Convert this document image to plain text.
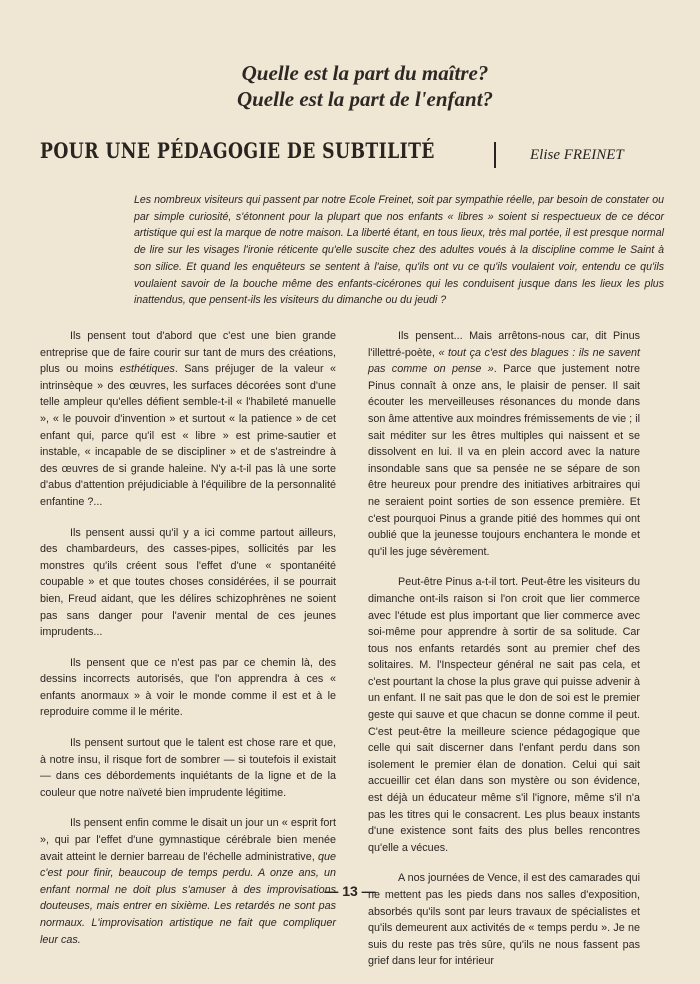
Quelle est la part du maître?
Quelle est la part de l'enfant?
POUR UNE PÉDAGOGIE DE SUBTILITÉ	Elise FREINET
Les nombreux visiteurs qui passent par notre Ecole Freinet, soit par sympathie réelle, par besoin de constater ou par simple curiosité, s'étonnent pour la plupart que nos enfants « libres » soient si respectueux de ce décor artistique qui est la marque de notre maison. La liberté étant, en tous lieux, très mal portée, il est presque normal de lire sur les visages l'ironie réticente qu'elle suscite chez des adultes voués à la discipline comme le Saint à son silice. Et quand les enquêteurs se sentent à l'aise, qu'ils ont vu ce qu'ils voulaient voir, entendu ce qu'ils voulaient savoir de la bouche même des enfants-cicérones qui les conduisent jusque dans les lieux les plus inattendus, que pensent-ils les visiteurs du dimanche ou du jeudi ?

Ils pensent tout d'abord que c'est une bien grande entreprise que de faire courir sur tant de murs des créations, plus ou moins esthétiques. Sans préjuger de la valeur « intrinsèque » des œuvres, les surfaces décorées sont d'une telle ampleur qu'elles défient semble-t-il « l'habileté manuelle », « le pouvoir d'invention » et surtout « la patience » de cet enfant qui, parce qu'il est « libre » est prime-sautier et instable, « incapable de se discipliner » et de s'astreindre à des œuvres de si grande haleine. N'y a-t-il pas là une sorte d'abus d'attention préjudiciable à l'équilibre de la personnalité enfantine ?...

Ils pensent aussi qu'il y a ici comme partout ailleurs, des chambardeurs, des casses-pipes, sollicités par les monstres qu'ils créent sous l'effet d'une « spontanéité coupable » et que toutes choses considérées, il se pourrait bien, Freud aidant, que les délires schizophrènes ne soient pas sans danger pour l'avenir mental de ces jeunes imprudents...

Ils pensent que ce n'est pas par ce chemin là, des dessins incorrects autorisés, que l'on apprendra à ces « enfants anormaux » à voir le monde comme il est et à le reproduire comme il le mérite.

Ils pensent surtout que le talent est chose rare et que, à notre insu, il risque fort de sombrer — si toutefois il existait — dans ces débordements inquiétants de la ligne et de la couleur que notre naïveté bien imprudente légitime.

Ils pensent enfin comme le disait un jour un « esprit fort », qui par l'effet d'une gymnastique cérébrale bien menée avait atteint le dernier barreau de l'échelle administrative, que c'est pour finir, beaucoup de temps perdu. A onze ans, un enfant normal ne doit plus s'amuser à des improvisations douteuses, mais entrer en sixième. Les retardés ne sont pas normaux. L'improvisation artistique ne fait que compliquer leur cas.

Ils pensent... Mais arrêtons-nous car, dit Pinus l'illettré-poète, « tout ça c'est des blagues : ils ne savent pas comme on pense ». Parce que justement notre Pinus connaît à onze ans, le plaisir de penser. Il sait écouter les merveilleuses résonances du monde dans son âme attentive aux moindres frémissements de vie ; il sait méditer sur les êtres multiples qui naissent et se dissolvent en lui. Il va en plein accord avec la nature insondable sans que sa pensée ne se sépare de son être heureux pour prendre des initiatives arbitraires qui ne seraient point sorties de son essence première. Et c'est pourquoi Pinus a grande pitié des hommes qui ont oublié que la jeunesse toujours enchantera le monde et qu'il les juge sévèrement.

Peut-être Pinus a-t-il tort. Peut-être les visiteurs du dimanche ont-ils raison si l'on croit que lier commerce avec l'étude est plus important que lier commerce avec soi-même pour apprendre à sortir de sa solitude. Car tous nos enfants retardés sont au premier chef des solitaires. M. l'Inspecteur général ne sait pas cela, et c'est pourtant la chose la plus grave qui puisse advenir à un enfant. Il ne sait pas que le don de soi est le premier geste qui sauve et que chacun se donne comme il peut. C'est peut-être la meilleure science pédagogique que celle qui sait discerner dans l'enfant perdu dans son isolement le premier élan de donation. Celui qui sait accueillir cet élan dans son mystère ou son évidence, est déjà un éducateur même s'il l'ignore, même s'il n'a pas les titres qui le consacrent. Les plus beaux instants d'une existence sont faits des plus belles rencontres qu'elle a vécues.

A nos journées de Vence, il est des camarades qui ne mettent pas les pieds dans nos salles d'exposition, absorbés qu'ils sont par leurs travaux de spécialistes et qu'ils demeurent aux activités de « temps perdu ». Je ne suis du reste pas très sûre, qu'ils ne nous fassent pas grief dans leur for intérieur

— 13 —
